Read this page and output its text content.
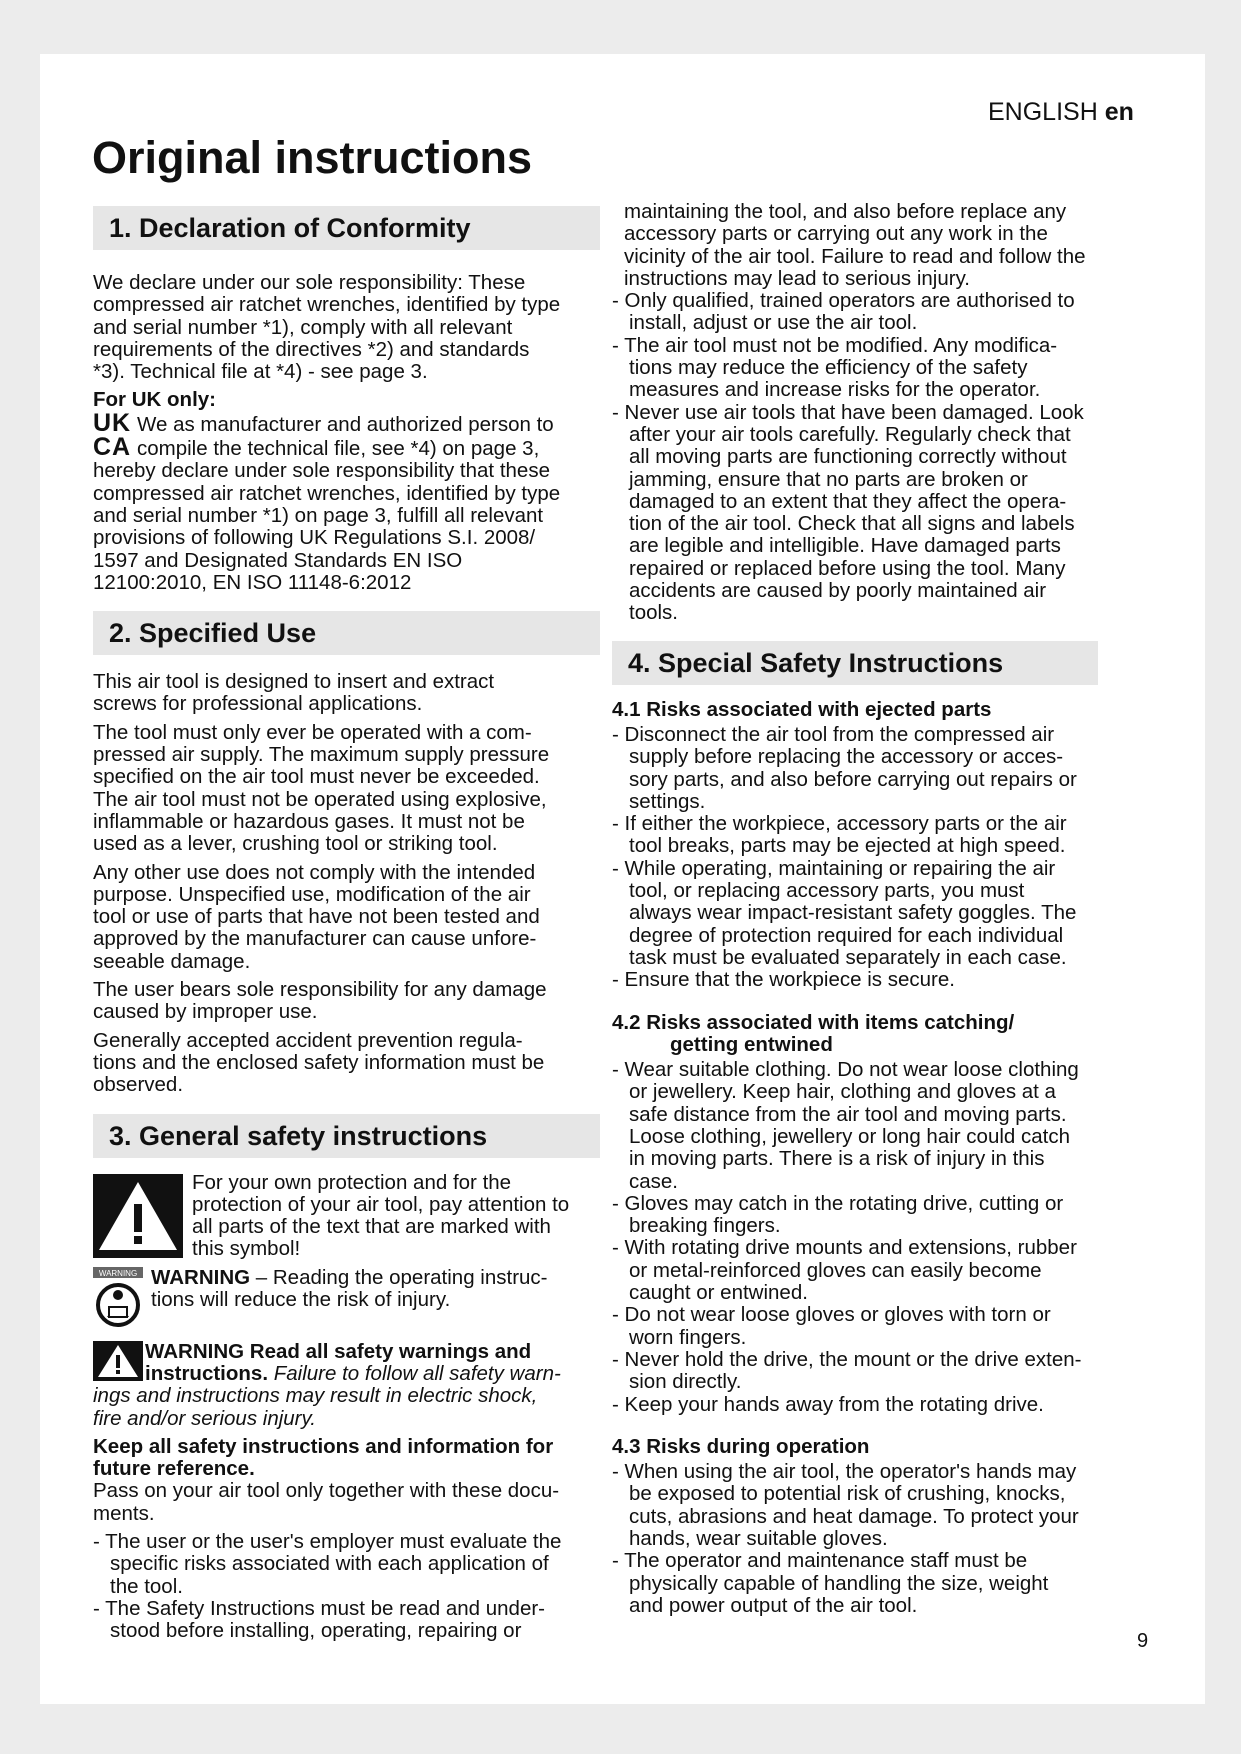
ENGLISH en
Original instructions
1. Declaration of Conformity

We declare under our sole responsibility: These
compressed air ratchet wrenches, identified by type
and serial number *1), comply with all relevant
requirements of the directives *2) and standards
*3). Technical file at *4) - see page 3.

For UK only:

UK We as manufacturer and authorized person to
CA compile the technical file, see *4) on page 3,
hereby declare under sole responsibility that these
compressed air ratchet wrenches, identified by type
and serial number *1) on page 3, fulfill all relevant
provisions of following UK Regulations S.I. 2008/
1597 and Designated Standards EN ISO
12100:2010, EN ISO 11148-6:2012

2. Specified Use

This air tool is designed to insert and extract
screws for professional applications.

The tool must only ever be operated with a com-
pressed air supply. The maximum supply pressure
specified on the air tool must never be exceeded.
The air tool must not be operated using explosive,
inflammable or hazardous gases. It must not be
used as a lever, crushing tool or striking tool.

Any other use does not comply with the intended
purpose. Unspecified use, modification of the air
tool or use of parts that have not been tested and
approved by the manufacturer can cause unfore-
seeable damage.

The user bears sole responsibility for any damage
caused by improper use.

Generally accepted accident prevention regula-
tions and the enclosed safety information must be
observed.

3. General safety instructions

For your own protection and for the
protection of your air tool, pay attention to
all parts of the text that are marked with
this symbol!

WARNING WARNING – Reading the operating instruc-
tions will reduce the risk of injury.

WARNING Read all safety warnings and
instructions. Failure to follow all safety warn-

ings and instructions may result in electric shock,
fire and/or serious injury.

Keep all safety instructions and information for
future reference.

Pass on your air tool only together with these docu-
ments.

- The user or the user's employer must evaluate the
specific risks associated with each application of
the tool.

- The Safety Instructions must be read and under-
stood before installing, operating, repairing or

maintaining the tool, and also before replace any
accessory parts or carrying out any work in the
vicinity of the air tool. Failure to read and follow the
instructions may lead to serious injury.

- Only qualified, trained operators are authorised to
install, adjust or use the air tool.

- The air tool must not be modified. Any modifica-
tions may reduce the efficiency of the safety
measures and increase risks for the operator.

- Never use air tools that have been damaged. Look
after your air tools carefully. Regularly check that
all moving parts are functioning correctly without
jamming, ensure that no parts are broken or
damaged to an extent that they affect the opera-
tion of the air tool. Check that all signs and labels
are legible and intelligible. Have damaged parts
repaired or replaced before using the tool. Many
accidents are caused by poorly maintained air
tools.

4. Special Safety Instructions

4.1 Risks associated with ejected parts

- Disconnect the air tool from the compressed air
supply before replacing the accessory or acces-
sory parts, and also before carrying out repairs or
settings.

- If either the workpiece, accessory parts or the air
tool breaks, parts may be ejected at high speed.

- While operating, maintaining or repairing the air
tool, or replacing accessory parts, you must
always wear impact-resistant safety goggles. The
degree of protection required for each individual
task must be evaluated separately in each case.

- Ensure that the workpiece is secure.

4.2 Risks associated with items catching/
getting entwined

- Wear suitable clothing. Do not wear loose clothing
or jewellery. Keep hair, clothing and gloves at a
safe distance from the air tool and moving parts.
Loose clothing, jewellery or long hair could catch
in moving parts. There is a risk of injury in this
case.

- Gloves may catch in the rotating drive, cutting or
breaking fingers.

- With rotating drive mounts and extensions, rubber
or metal-reinforced gloves can easily become
caught or entwined.

- Do not wear loose gloves or gloves with torn or
worn fingers.

- Never hold the drive, the mount or the drive exten-
sion directly.

- Keep your hands away from the rotating drive.

4.3 Risks during operation

- When using the air tool, the operator's hands may
be exposed to potential risk of crushing, knocks,
cuts, abrasions and heat damage. To protect your
hands, wear suitable gloves.

- The operator and maintenance staff must be
physically capable of handling the size, weight
and power output of the air tool.

9
